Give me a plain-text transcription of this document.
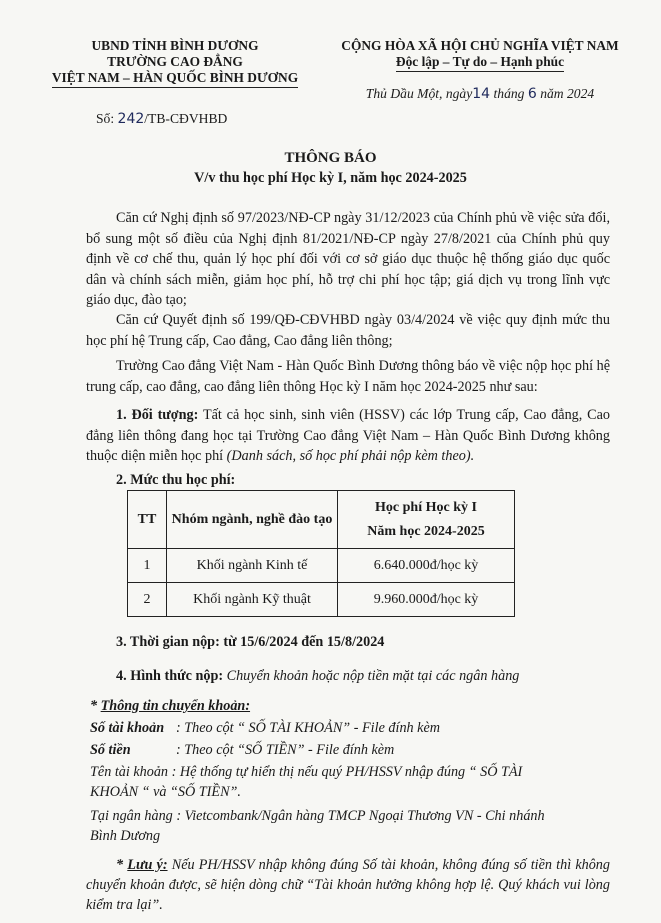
UBND TỈNH BÌNH DƯƠNG
TRƯỜNG CAO ĐẲNG
VIỆT NAM – HÀN QUỐC BÌNH DƯƠNG
CỘNG HÒA XÃ HỘI CHỦ NGHĨA VIỆT NAM
Độc lập – Tự do – Hạnh phúc
Thủ Dầu Một, ngày14 tháng 6 năm 2024
Số: 242/TB-CĐVHBD
THÔNG BÁO
V/v thu học phí Học kỳ I, năm học 2024-2025
Căn cứ Nghị định số 97/2023/NĐ-CP ngày 31/12/2023 của Chính phủ về việc sửa đổi, bổ sung một số điều của Nghị định 81/2021/NĐ-CP ngày 27/8/2021 của Chính phủ quy định về cơ chế thu, quản lý học phí đối với cơ sở giáo dục thuộc hệ thống giáo dục quốc dân và chính sách miễn, giảm học phí, hỗ trợ chi phí học tập; giá dịch vụ trong lĩnh vực giáo dục, đào tạo;
Căn cứ Quyết định số 199/QĐ-CĐVHBD ngày 03/4/2024 về việc quy định mức thu học phí hệ Trung cấp, Cao đẳng, Cao đẳng liên thông;
Trường Cao đẳng Việt Nam - Hàn Quốc Bình Dương thông báo về việc nộp học phí hệ trung cấp, cao đẳng, cao đẳng liên thông Học kỳ I năm học 2024-2025 như sau:
1. Đối tượng: Tất cả học sinh, sinh viên (HSSV) các lớp Trung cấp, Cao đẳng, Cao đẳng liên thông đang học tại Trường Cao đẳng Việt Nam – Hàn Quốc Bình Dương không thuộc diện miễn học phí (Danh sách, số học phí phải nộp kèm theo).
2. Mức thu học phí:
TT	Nhóm ngành, nghề đào tạo	Học phí Học kỳ I
Năm học 2024-2025

1	Khối ngành Kinh tế	6.640.000đ/học kỳ
2	Khối ngành Kỹ thuật	9.960.000đ/học kỳ
3. Thời gian nộp: từ 15/6/2024 đến 15/8/2024
4. Hình thức nộp: Chuyển khoản hoặc nộp tiền mặt tại các ngân hàng
* Thông tin chuyển khoản:
Số tài khoản : Theo cột “ SỐ TÀI KHOẢN” - File đính kèm
Số tiền	: Theo cột “SỐ TIỀN” - File đính kèm
Tên tài khoản : Hệ thống tự hiển thị nếu quý PH/HSSV nhập đúng “ SỐ TÀI KHOẢN “ và “SỐ TIỀN”.
Tại ngân hàng : Vietcombank/Ngân hàng TMCP Ngoại Thương VN - Chi nhánh Bình Dương
* Lưu ý: Nếu PH/HSSV nhập không đúng Số tài khoản, không đúng số tiền thì không chuyển khoản được, sẽ hiện dòng chữ “Tài khoản hưởng không hợp lệ. Quý khách vui lòng kiểm tra lại”.
